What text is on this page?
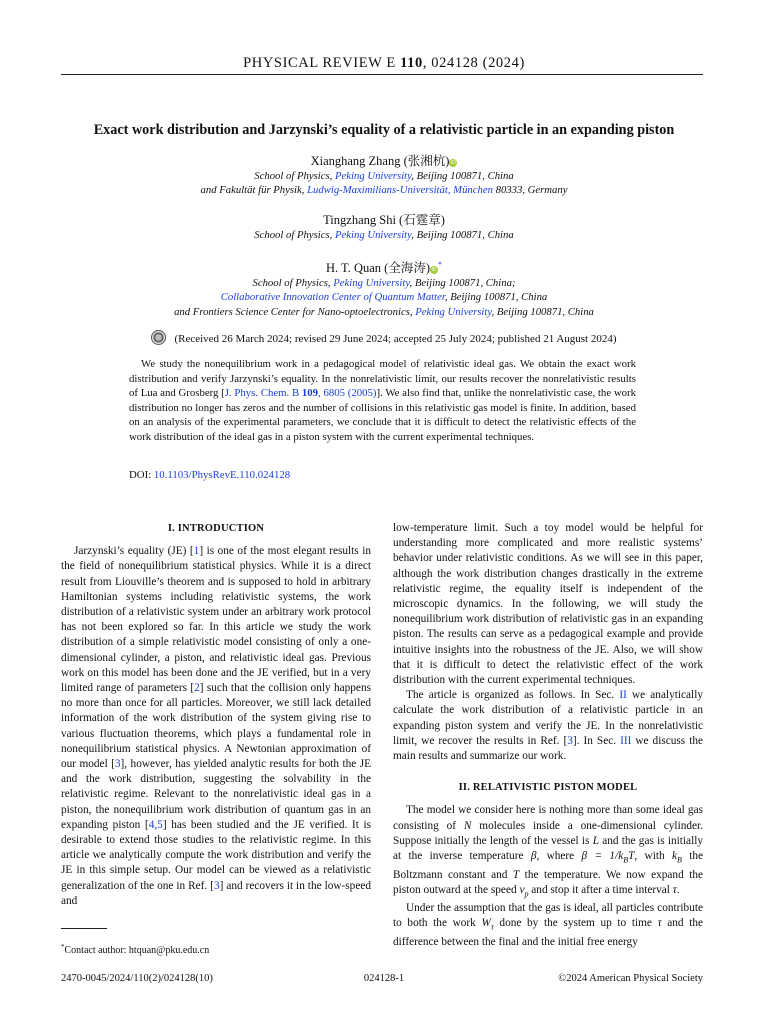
PHYSICAL REVIEW E 110, 024128 (2024)
Exact work distribution and Jarzynski’s equality of a relativistic particle in an expanding piston
Xianghang Zhang (张湘杭) iD
School of Physics, Peking University, Beijing 100871, China
and Fakultät für Physik, Ludwig-Maximilians-Universität, München 80333, Germany
Tingzhang Shi (石霆章)
School of Physics, Peking University, Beijing 100871, China
H. T. Quan (全海涛) iD*
School of Physics, Peking University, Beijing 100871, China;
Collaborative Innovation Center of Quantum Matter, Beijing 100871, China
and Frontiers Science Center for Nano-optoelectronics, Peking University, Beijing 100871, China
(Received 26 March 2024; revised 29 June 2024; accepted 25 July 2024; published 21 August 2024)

We study the nonequilibrium work in a pedagogical model of relativistic ideal gas. We obtain the exact work distribution and verify Jarzynski’s equality. In the nonrelativistic limit, our results recover the nonrelativistic results of Lua and Grosberg [J. Phys. Chem. B 109, 6805 (2005)]. We also find that, unlike the nonrelativistic case, the work distribution no longer has zeros and the number of collisions in this relativistic gas model is finite. In addition, based on an analysis of the experimental parameters, we conclude that it is difficult to detect the relativistic effects of the work distribution of the ideal gas in a piston system with the current experimental techniques.

DOI: 10.1103/PhysRevE.110.024128
I. INTRODUCTION

Jarzynski’s equality (JE) [1] is one of the most elegant results in the field of nonequilibrium statistical physics. While it is a direct result from Liouville’s theorem and is supposed to hold in arbitrary Hamiltonian systems including relativistic systems, the work distribution of a relativistic system under an arbitrary work protocol has not been explored so far. In this article we study the work distribution of a simple relativistic model consisting of only a one-dimensional cylinder, a piston, and relativistic ideal gas. Previous work on this model has been done and the JE verified, but in a very limited range of parameters [2] such that the collision only happens no more than once for all particles. Moreover, we still lack detailed information of the work distribution of the system giving rise to various fluctuation theorems, which plays a fundamental role in nonequilibrium statistical physics. A Newtonian approximation of our model [3], however, has yielded analytic results for both the JE and the work distribution, suggesting the solvability in the relativistic regime. Relevant to the nonrelativistic ideal gas in a piston, the nonequilibrium work distribution of quantum gas in an expanding piston [4,5] has been studied and the JE verified. It is desirable to extend those studies to the relativistic regime. In this article we analytically compute the work distribution and verify the JE in this simple setup. Our model can be viewed as a relativistic generalization of the one in Ref. [3] and recovers it in the low-speed and

low-temperature limit. Such a toy model would be helpful for understanding more complicated and more realistic systems’ behavior under relativistic conditions. As we will see in this paper, although the work distribution changes drastically in the extreme relativistic regime, the equality itself is independent of the microscopic dynamics. In the following, we will study the nonequilibrium work distribution of relativistic gas in an expanding piston. The results can serve as a pedagogical example and provide intuitive insights into the robustness of the JE. Also, we will show that it is difficult to detect the relativistic effect of the work distribution with the current experimental techniques.

The article is organized as follows. In Sec. II we analytically calculate the work distribution of a relativistic particle in an expanding piston system and verify the JE. In the nonrelativistic limit, we recover the results in Ref. [3]. In Sec. III we discuss the main results and summarize our work.

II. RELATIVISTIC PISTON MODEL

The model we consider here is nothing more than some ideal gas consisting of N molecules inside a one-dimensional cylinder. Suppose initially the length of the vessel is L and the gas is initially at the inverse temperature β, where $\beta = 1/k_BT$, with $k_B$ the Boltzmann constant and T the temperature. We now expand the piston outward at the speed $v_p$ and stop it after a time interval τ.

Under the assumption that the gas is ideal, all particles contribute to both the work $W_\tau$ done by the system up to time τ and the difference between the final and the initial free energy

*Contact author: htquan@pku.edu.cn
2470-0045/2024/110(2)/024128(10)	024128-1	©2024 American Physical Society
